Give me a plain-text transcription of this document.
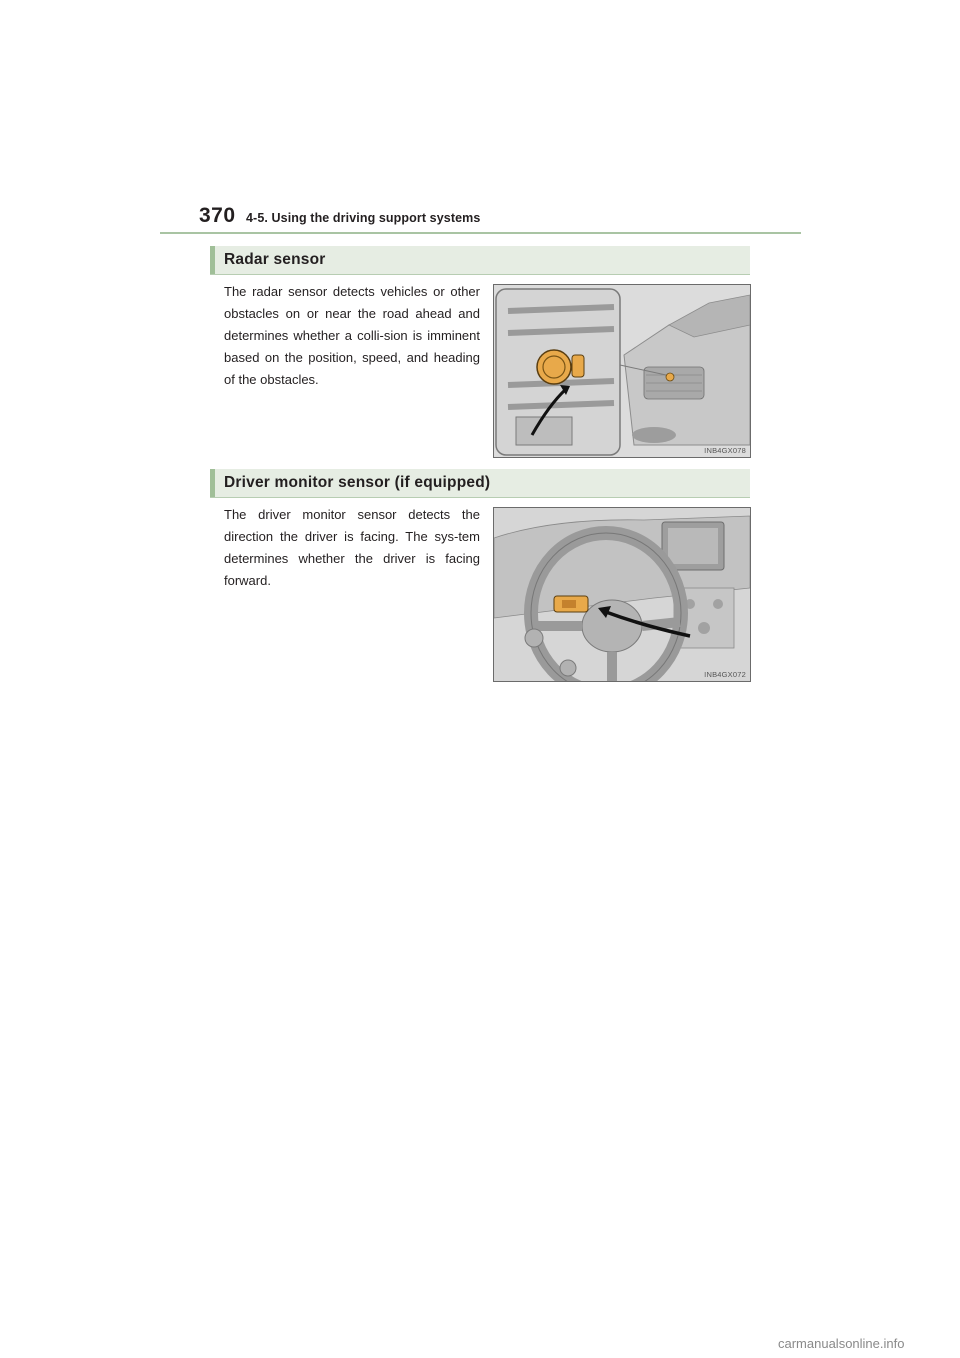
370 4-5. Using the driving support systems
Radar sensor
The radar sensor detects vehicles or other obstacles on or near the road ahead and determines whether a colli-sion is imminent based on the position, speed, and heading of the obstacles.
INB4GX078
Driver monitor sensor (if equipped)
The driver monitor sensor detects the direction the driver is facing. The sys-tem determines whether the driver is facing forward.
INB4GX072
carmanualsonline.info
